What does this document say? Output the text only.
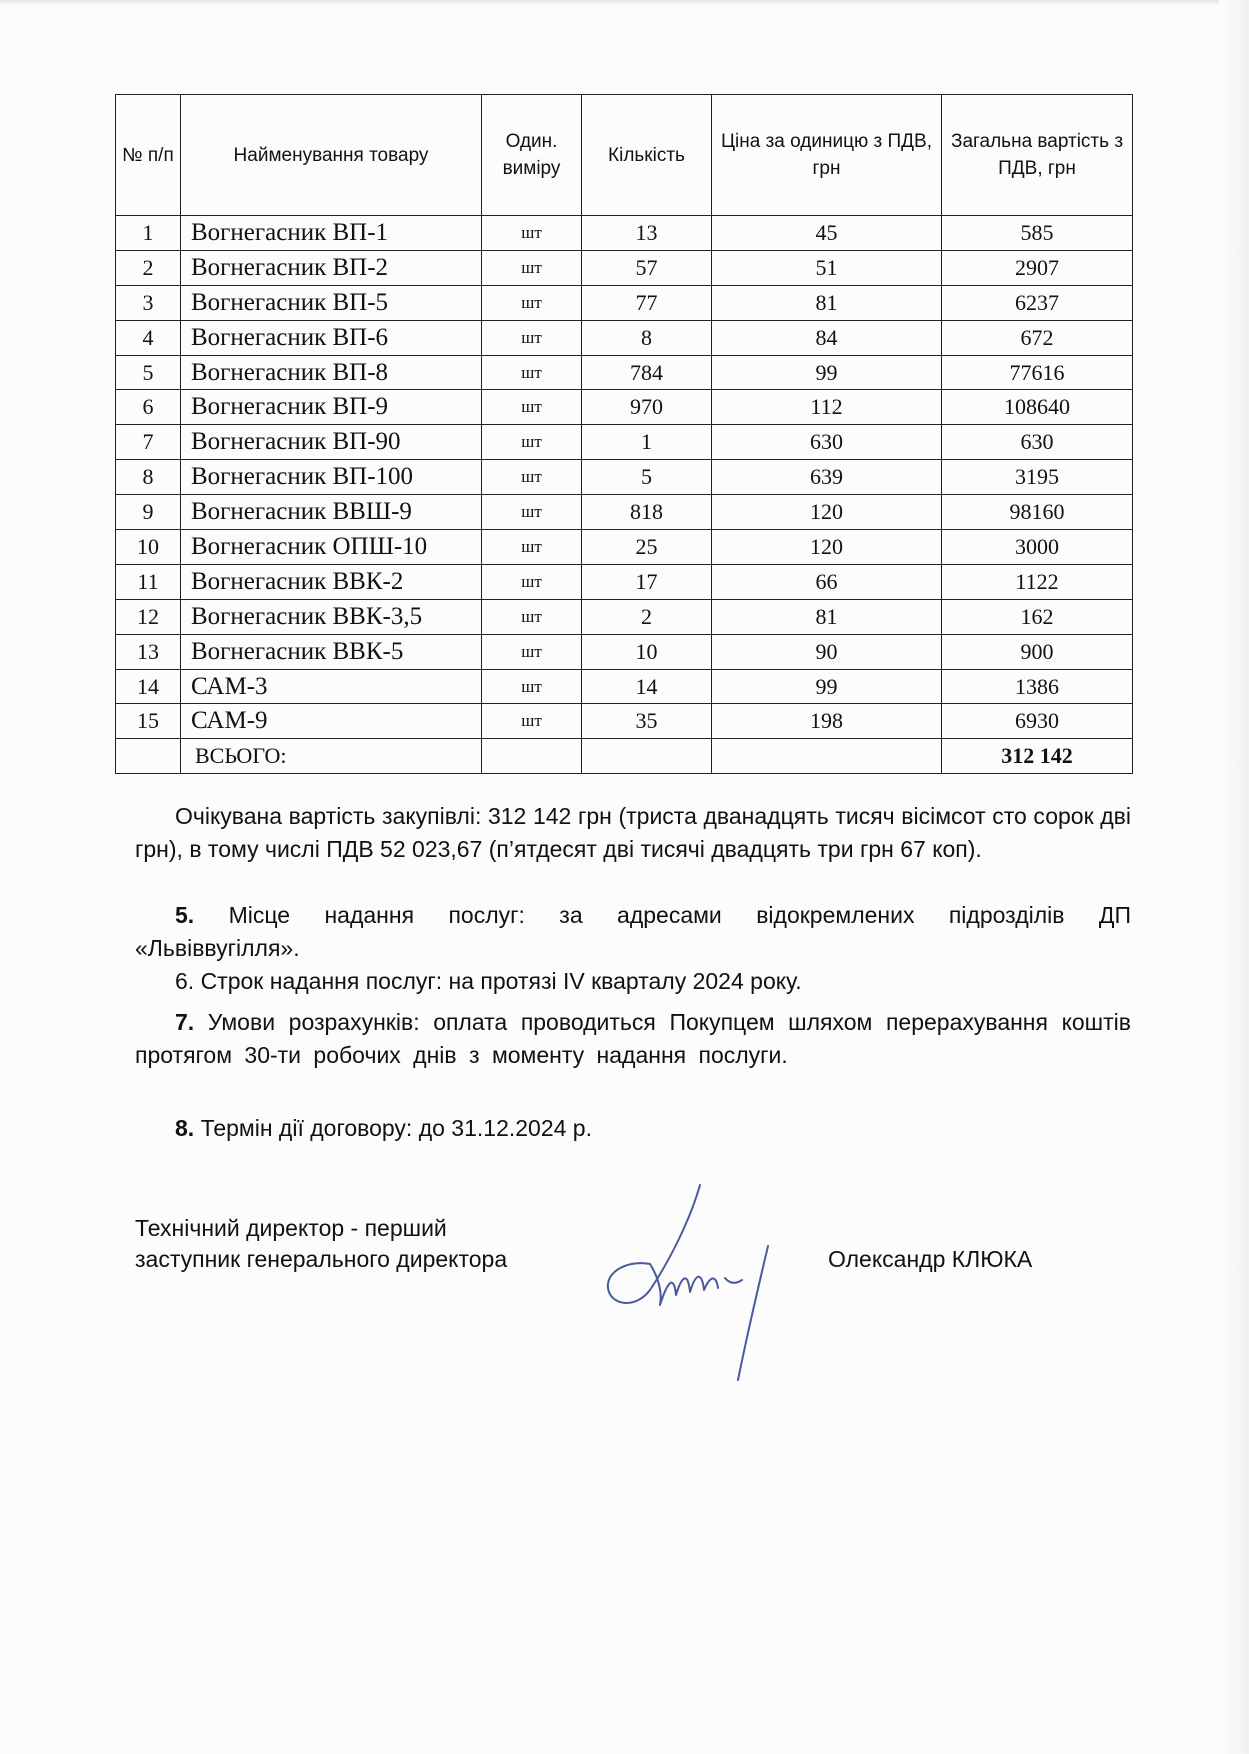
№ п/п	Найменування товару	Один. виміру	Кількість	Ціна за одиницю з ПДВ, грн	Загальна вартість з ПДВ, грн
1	Вогнегасник ВП-1	шт	13	45	585
2	Вогнегасник ВП-2	шт	57	51	2907
3	Вогнегасник ВП-5	шт	77	81	6237
4	Вогнегасник ВП-6	шт	8	84	672
5	Вогнегасник ВП-8	шт	784	99	77616
6	Вогнегасник ВП-9	шт	970	112	108640
7	Вогнегасник ВП-90	шт	1	630	630
8	Вогнегасник ВП-100	шт	5	639	3195
9	Вогнегасник ВВШ-9	шт	818	120	98160
10	Вогнегасник ОПШ-10	шт	25	120	3000
11	Вогнегасник ВВК-2	шт	17	66	1122
12	Вогнегасник ВВК-3,5	шт	2	81	162
13	Вогнегасник ВВК-5	шт	10	90	900
14	САМ-3	шт	14	99	1386
15	САМ-9	шт	35	198	6930
	ВСЬОГО:				312 142
Очікувана вартість закупівлі: 312 142 грн (триста дванадцять тисяч вісімсот сто сорок дві грн), в тому числі ПДВ 52 023,67 (п’ятдесят дві тисячі двадцять три грн 67 коп).
5. Місце надання послуг: за адресами відокремлених підрозділів ДП «Львіввугілля».
6. Строк надання послуг: на протязі IV кварталу 2024 року.
7. Умови розрахунків: оплата проводиться Покупцем шляхом перерахування коштів протягом 30-ти робочих днів з моменту надання послуги.
8. Термін дії договору: до 31.12.2024 р.
Технічний директор - перший
заступник генерального директора	Олександр КЛЮКА
